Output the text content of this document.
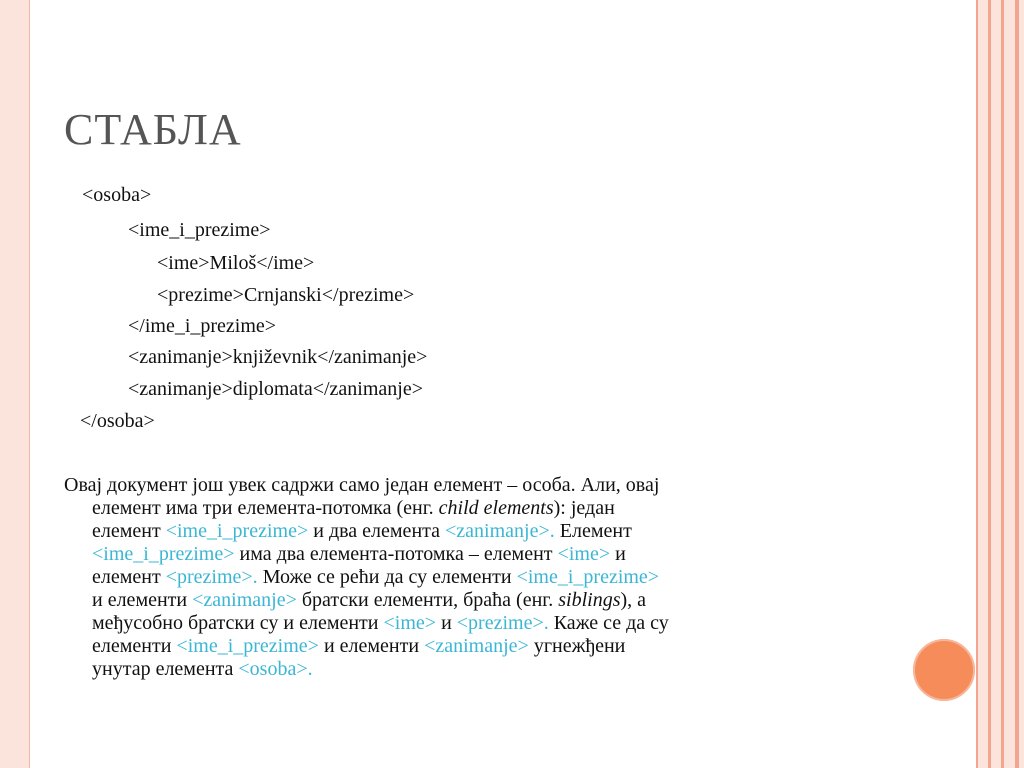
СТАБЛА
<osoba>
<ime_i_prezime>
<ime>Miloš</ime>
<prezime>Crnjanski</prezime>
</ime_i_prezime>
<zanimanje>književnik</zanimanje>
<zanimanje>diplomata</zanimanje>
</osoba>
Овај документ још увек садржи само један елемент – особа. Али, овај
елемент има три елемента-потомка (енг. child elements): један
елемент <ime_i_prezime> и два елемента <zanimanje>. Елемент
<ime_i_prezime> има два елемента-потомка – елемент <ime> и
елемент <prezime>. Може се рећи да су елементи <ime_i_prezime>
и елементи <zanimanje> братски елементи, браћа (енг. siblings), а
међусобно братски су и елементи <ime> и <prezime>. Каже се да су
елементи <ime_i_prezime> и елементи <zanimanje> угнежђени
унутар елемента <osoba>.
